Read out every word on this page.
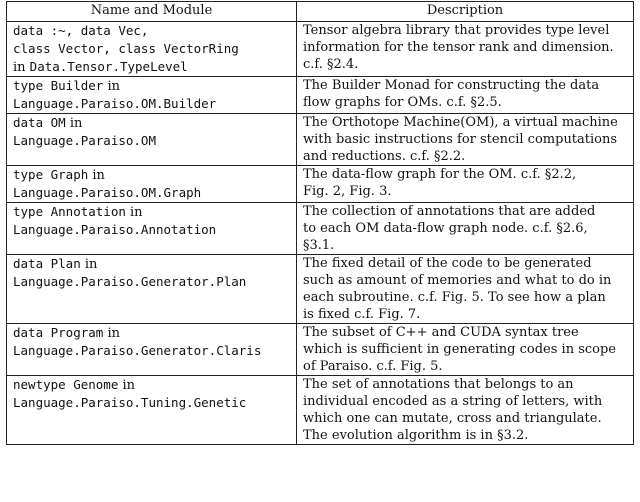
Name and Module	Description

data :~, data Vec,
class Vector, class VectorRing
in Data.Tensor.TypeLevel	Tensor algebra library that provides type level
information for the tensor rank and dimension.
c.f. §2.4.

type Builder in
Language.Paraiso.OM.Builder	The Builder Monad for constructing the data
flow graphs for OMs. c.f. §2.5.

data OM in
Language.Paraiso.OM	The Orthotope Machine(OM), a virtual machine
with basic instructions for stencil computations
and reductions. c.f. §2.2.

type Graph in
Language.Paraiso.OM.Graph	The data-flow graph for the OM. c.f. §2.2,
Fig. 2, Fig. 3.

type Annotation in
Language.Paraiso.Annotation	The collection of annotations that are added
to each OM data-flow graph node. c.f. §2.6,
§3.1.

data Plan in
Language.Paraiso.Generator.Plan	The fixed detail of the code to be generated
such as amount of memories and what to do in
each subroutine. c.f. Fig. 5. To see how a plan
is fixed c.f. Fig. 7.

data Program in
Language.Paraiso.Generator.Claris	The subset of C++ and CUDA syntax tree
which is sufficient in generating codes in scope
of Paraiso. c.f. Fig. 5.

newtype Genome in
Language.Paraiso.Tuning.Genetic	The set of annotations that belongs to an
individual encoded as a string of letters, with
which one can mutate, cross and triangulate.
The evolution algorithm is in §3.2.
